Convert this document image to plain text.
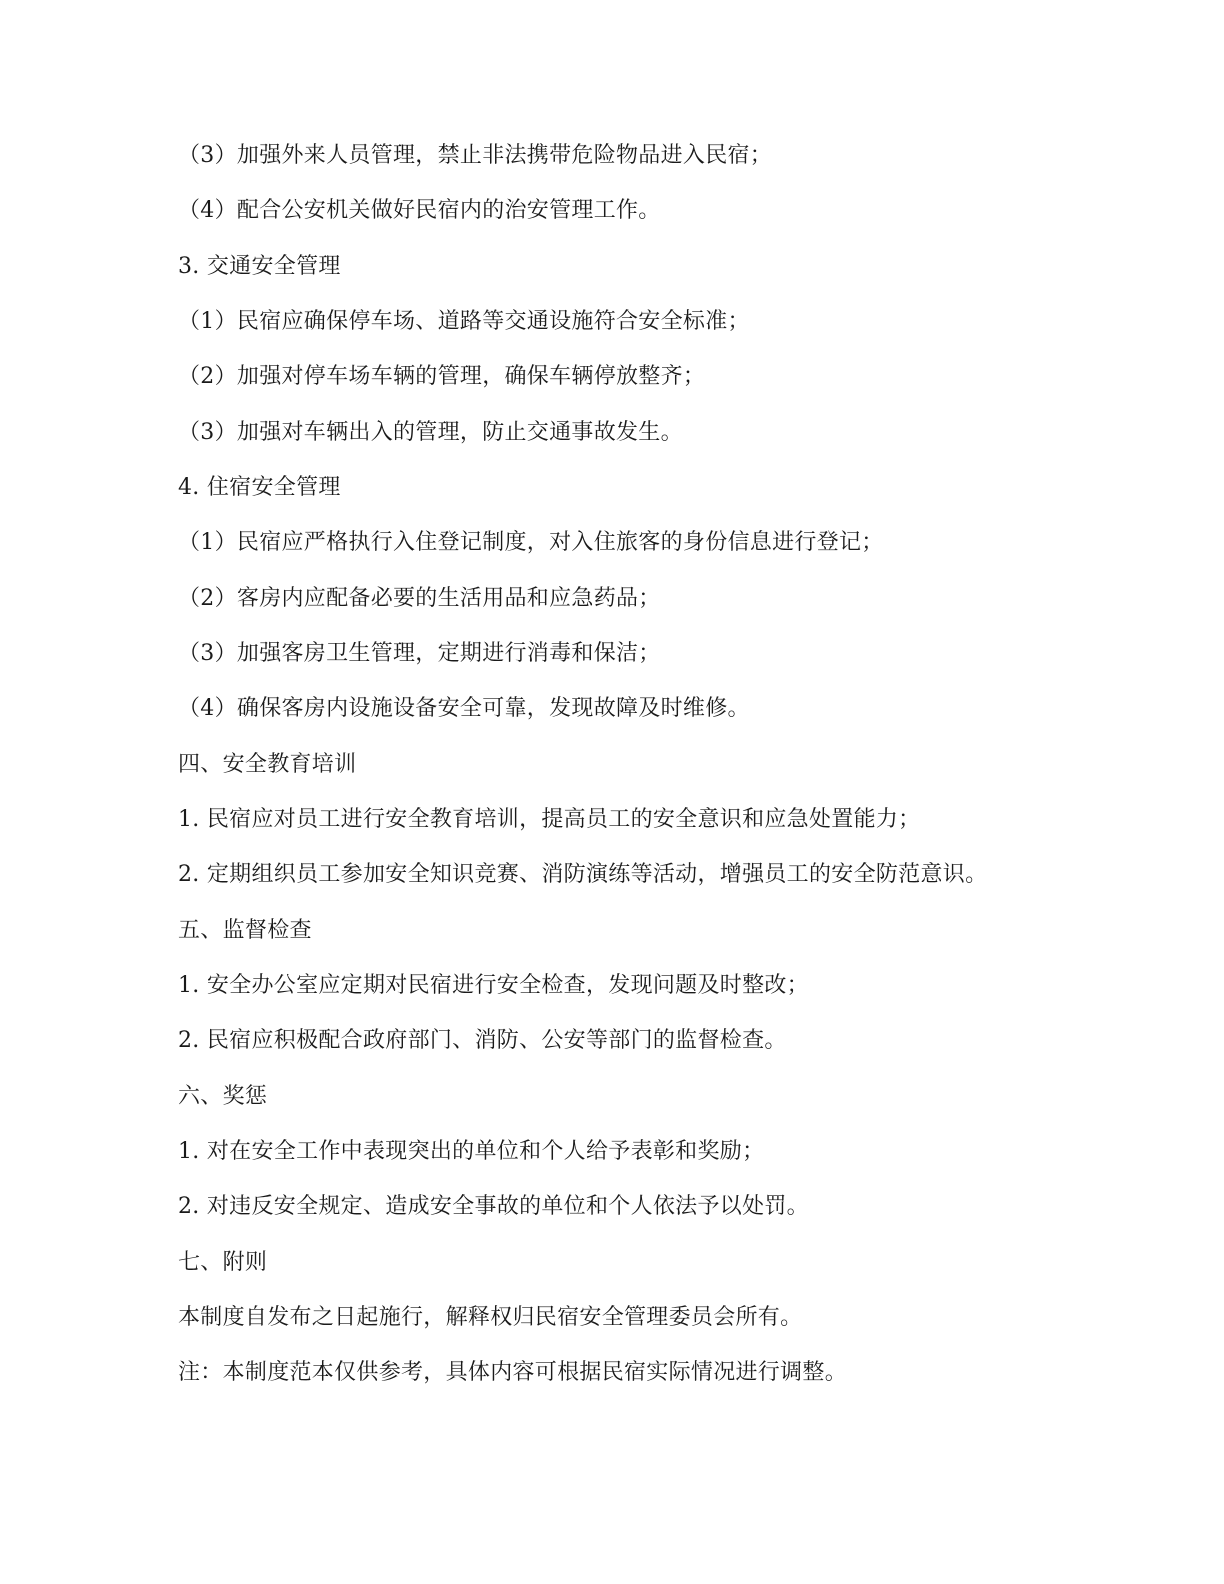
（3）加强外来人员管理，禁止非法携带危险物品进入民宿；
（4）配合公安机关做好民宿内的治安管理工作。
3. 交通安全管理
（1）民宿应确保停车场、道路等交通设施符合安全标准；
（2）加强对停车场车辆的管理，确保车辆停放整齐；
（3）加强对车辆出入的管理，防止交通事故发生。
4. 住宿安全管理
（1）民宿应严格执行入住登记制度，对入住旅客的身份信息进行登记；
（2）客房内应配备必要的生活用品和应急药品；
（3）加强客房卫生管理，定期进行消毒和保洁；
（4）确保客房内设施设备安全可靠，发现故障及时维修。
四、安全教育培训
1. 民宿应对员工进行安全教育培训，提高员工的安全意识和应急处置能力；
2. 定期组织员工参加安全知识竞赛、消防演练等活动，增强员工的安全防范意识。
五、监督检查
1. 安全办公室应定期对民宿进行安全检查，发现问题及时整改；
2. 民宿应积极配合政府部门、消防、公安等部门的监督检查。
六、奖惩
1. 对在安全工作中表现突出的单位和个人给予表彰和奖励；
2. 对违反安全规定、造成安全事故的单位和个人依法予以处罚。
七、附则
本制度自发布之日起施行，解释权归民宿安全管理委员会所有。
注：本制度范本仅供参考，具体内容可根据民宿实际情况进行调整。
